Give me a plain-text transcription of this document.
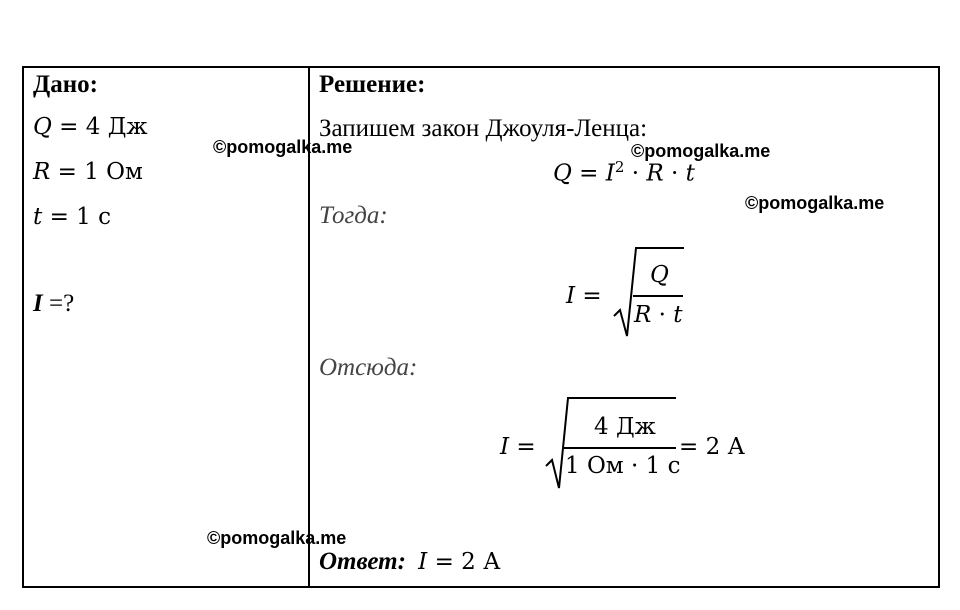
Дано:
Q = 4 Дж
R = 1 Ом
t = 1 с
I =?
Решение:
Запишем закон Джоуля-Ленца:
$Q = I^2 \cdot R \cdot t$
Тогда:
I =
Q
R · t
Отсюда:
I =
4 Дж
1 Ом · 1 с
= 2 А
Ответ: I = 2 А
©pomogalka.me	©pomogalka.me
©pomogalka.me
©pomogalka.me
